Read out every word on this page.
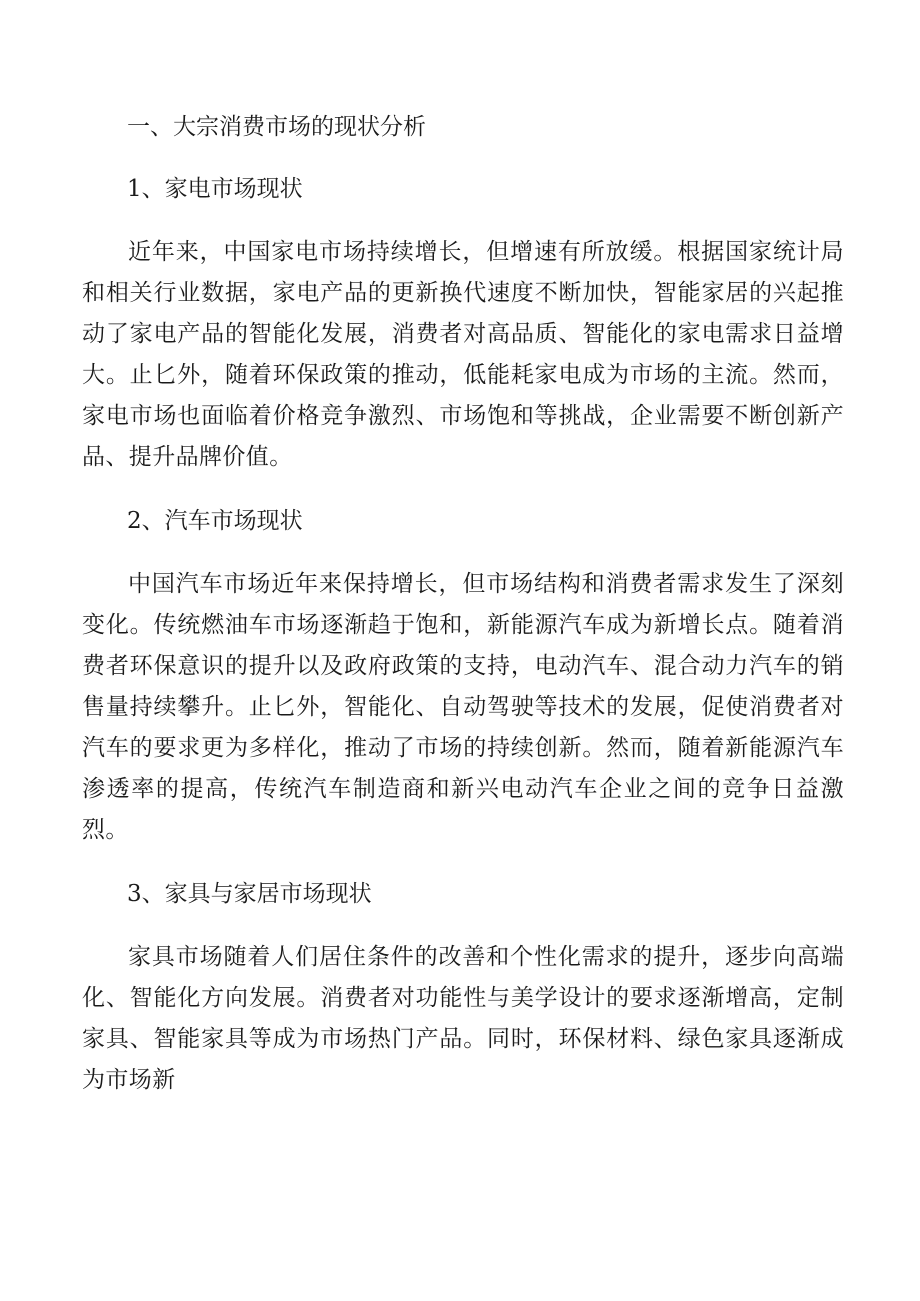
一、大宗消费市场的现状分析
1、家电市场现状

近年来，中国家电市场持续增长，但增速有所放缓。根据国家统计局和相关行业数据，家电产品的更新换代速度不断加快，智能家居的兴起推动了家电产品的智能化发展，消费者对高品质、智能化的家电需求日益增大。止匕外，随着环保政策的推动，低能耗家电成为市场的主流。然而，家电市场也面临着价格竞争激烈、市场饱和等挑战，企业需要不断创新产品、提升品牌价值。

2、汽车市场现状

中国汽车市场近年来保持增长，但市场结构和消费者需求发生了深刻变化。传统燃油车市场逐渐趋于饱和，新能源汽车成为新增长点。随着消费者环保意识的提升以及政府政策的支持，电动汽车、混合动力汽车的销售量持续攀升。止匕外，智能化、自动驾驶等技术的发展，促使消费者对汽车的要求更为多样化，推动了市场的持续创新。然而，随着新能源汽车渗透率的提高，传统汽车制造商和新兴电动汽车企业之间的竞争日益激烈。

3、家具与家居市场现状

家具市场随着人们居住条件的改善和个性化需求的提升，逐步向高端化、智能化方向发展。消费者对功能性与美学设计的要求逐渐增高，定制家具、智能家具等成为市场热门产品。同时，环保材料、绿色家具逐渐成为市场新
